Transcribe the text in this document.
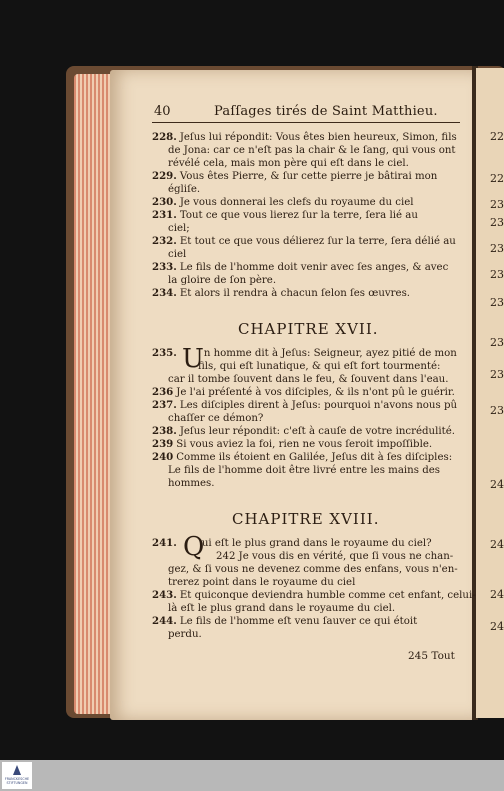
22
22
23
23
23
23
23
23
23
23
24
24
24
24
40	Paſſages tirés de Saint Matthieu.
228. Jeſus lui répondit: Vous êtes bien heureux, Simon, fils
de Jona: car ce n'eſt pas la chair & le ſang, qui vous ont
révélé cela, mais mon père qui eſt dans le ciel.
229. Vous êtes Pierre, & ſur cette pierre je bâtirai mon
égliſe.
230. Je vous donnerai les clefs du royaume du ciel
231. Tout ce que vous lierez ſur la terre, ſera lié au
ciel;
232. Et tout ce que vous délierez ſur la terre, ſera délié au
ciel
233. Le fils de l'homme doit venir avec ſes anges, & avec
la gloire de ſon père.
234. Et alors il rendra à chacun ſelon ſes œuvres.
CHAPITRE XVII.
U
235.	n homme dit à Jeſus: Seigneur, ayez pitié de mon
fils, qui eſt lunatique, & qui eſt fort tourmenté:
car il tombe ſouvent dans le feu, & ſouvent dans l'eau.
236 Je l'ai préſenté à vos diſciples, & ils n'ont pû le guérir.
237. Les diſciples dirent à Jeſus: pourquoi n'avons nous pû
chaſſer ce démon?
238. Jeſus leur répondit: c'eſt à cauſe de votre incrédulité.
239 Si vous aviez la foi, rien ne vous ſeroit impoſſible.
240 Comme ils étoient en Galilée, Jeſus dit à ſes diſciples:
Le fils de l'homme doit être livré entre les mains des
hommes.
CHAPITRE XVIII.
Q
241. ui eſt le plus grand dans le royaume du ciel?
242 Je vous dis en vérité, que ſi vous ne chan-
gez, & ſi vous ne devenez comme des enfans, vous n'en-
trerez point dans le royaume du ciel
243. Et quiconque deviendra humble comme cet enfant, celui-
là eſt le plus grand dans le royaume du ciel.
244. Le fils de l'homme eſt venu ſauver ce qui étoit
perdu.
245 Tout
FRANCKESCHE STIFTUNGEN
